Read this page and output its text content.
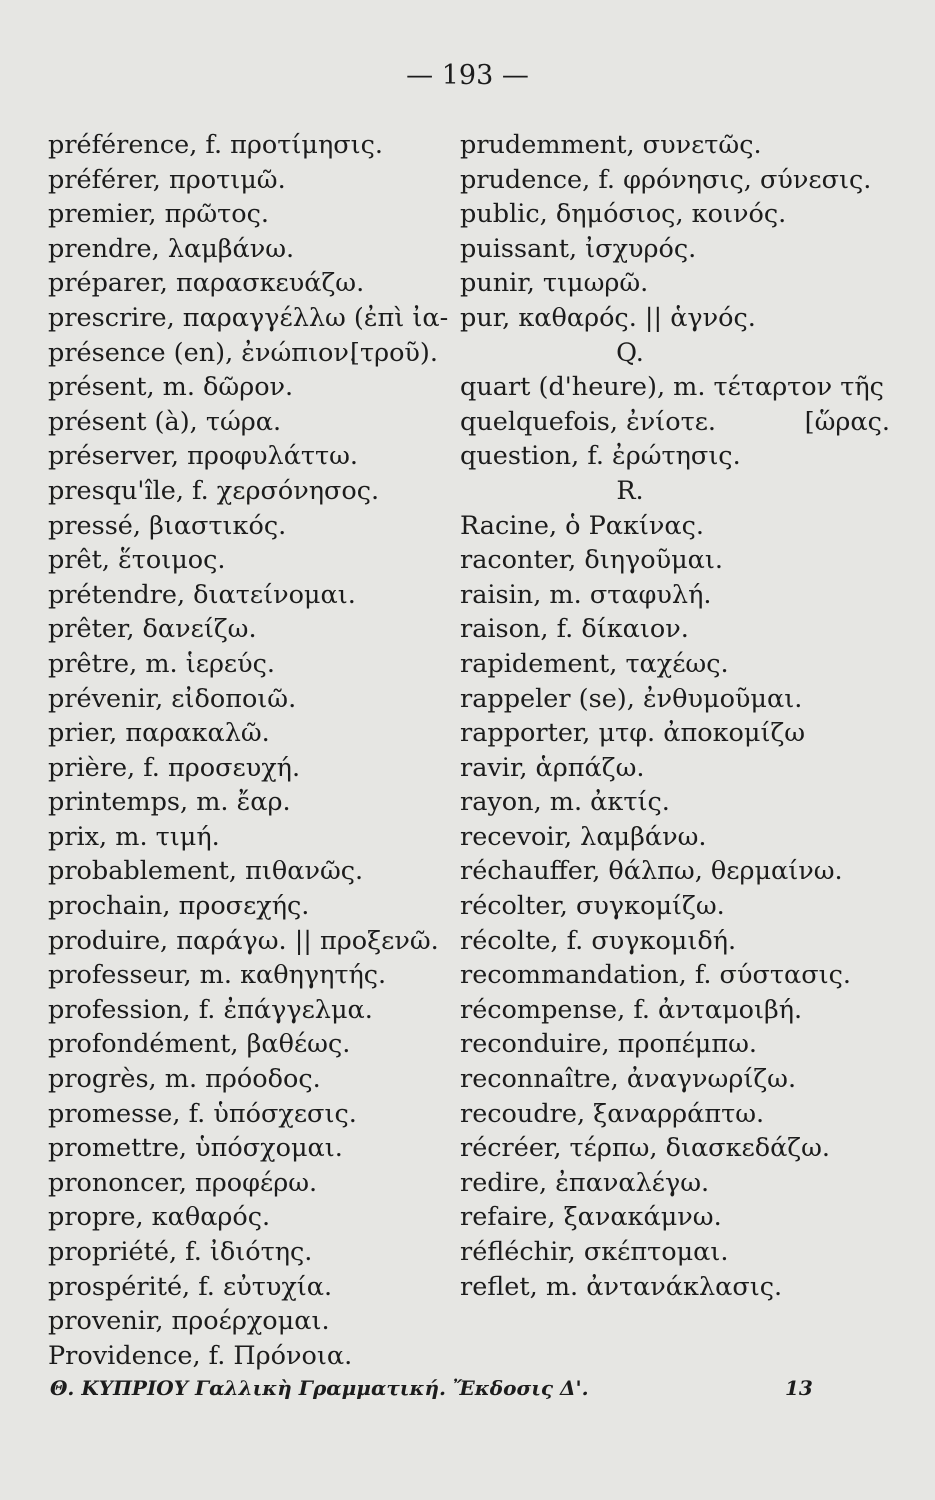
— 193 —
préférence, f. προτίμησις.
préférer, προτιμῶ.
premier, πρῶτος.
prendre, λαμβάνω.
préparer, παρασκευάζω.
prescrire, παραγγέλλω (ἐπὶ ἰα-
présence (en), ἐνώπιον.
[τροῦ).
présent, m. δῶρον.
présent (à), τώρα.
préserver, προφυλάττω.
presqu'île, f. χερσόνησος.
pressé, βιαστικός.
prêt, ἕτοιμος.
prétendre, διατείνομαι.
prêter, δανείζω.
prêtre, m. ἱερεύς.
prévenir, εἰδοποιῶ.
prier, παρακαλῶ.
prière, f. προσευχή.
printemps, m. ἔαρ.
prix, m. τιμή.
probablement, πιθανῶς.
prochain, προσεχής.
produire, παράγω. || προξενῶ.
professeur, m. καθηγητής.
profession, f. ἐπάγγελμα.
profondément, βαθέως.
progrès, m. πρόοδος.
promesse, f. ὑπόσχεσις.
promettre, ὑπόσχομαι.
prononcer, προφέρω.
propre, καθαρός.
propriété, f. ἰδιότης.
prospérité, f. εὐτυχία.
provenir, προέρχομαι.
Providence, f. Πρόνοια.
prudemment, συνετῶς.
prudence, f. φρόνησις, σύνεσις.
public, δημόσιος, κοινός.
puissant, ἰσχυρός.
punir, τιμωρῶ.
pur, καθαρός. || ἁγνός.
Q.
quart (d'heure), m. τέταρτον τῆς
quelquefois, ἐνίοτε.	[ὥρας.
question, f. ἐρώτησις.
R.
Racine, ὁ Ρακίνας.
raconter, διηγοῦμαι.
raisin, m. σταφυλή.
raison, f. δίκαιον.
rapidement, ταχέως.
rappeler (se), ἐνθυμοῦμαι.
rapporter, μτφ. ἀποκομίζω
ravir, ἁρπάζω.
rayon, m. ἀκτίς.
recevoir, λαμβάνω.
réchauffer, θάλπω, θερμαίνω.
récolter, συγκομίζω.
récolte, f. συγκομιδή.
recommandation, f. σύστασις.
récompense, f. ἀνταμοιβή.
reconduire, προπέμπω.
reconnaître, ἀναγνωρίζω.
recoudre, ξαναρράπτω.
récréer, τέρπω, διασκεδάζω.
redire, ἐπαναλέγω.
refaire, ξανακάμνω.
réfléchir, σκέπτομαι.
reflet, m. ἀντανάκλασις.
Θ. ΚΥΠΡΙΟΥ Γαλλικὴ Γραμματική. Ἔκδοσις Δ'.	13
